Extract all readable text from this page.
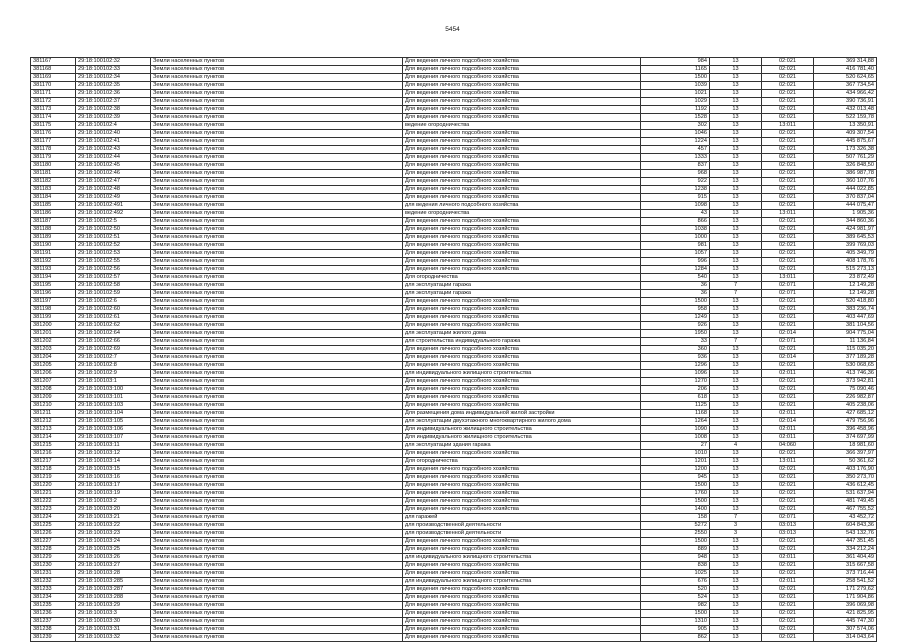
5454
381167	29:18:100102:32	Земли населенных пунктов	Для ведения личного подсобного хозяйства	984	13	02:021	369 314,88
381168	29:18:100102:33	Земли населенных пунктов	Для ведения личного подсобного хозяйства	1165	13	02:021	416 781,40
381169	29:18:100102:34	Земли населенных пунктов	Для ведения личного подсобного хозяйства	1500	13	02:021	520 624,65
381170	29:18:100102:35	Земли населенных пунктов	Для ведения личного подсобного хозяйства	1039	13	02:021	367 734,54
381171	29:18:100102:36	Земли населенных пунктов	Для ведения личного подсобного хозяйства	1021	13	02:021	434 966,42
381172	29:18:100102:37	Земли населенных пунктов	Для ведения личного подсобного хозяйства	1029	13	02:021	390 736,91
381173	29:18:100102:38	Земли населенных пунктов	Для ведения личного подсобного хозяйства	1192	13	02:021	432 013,48
381174	29:18:100102:39	Земли населенных пунктов	Для ведения личного подсобного хозяйства	1528	13	02:021	522 159,78
381175	29:18:100102:4	Земли населенных пунктов	ведение огородничества	302	13	13:011	13 350,91
381176	29:18:100102:40	Земли населенных пунктов	Для ведения личного подсобного хозяйства	1046	13	02:021	409 307,54
381177	29:18:100102:41	Земли населенных пунктов	Для ведения личного подсобного хозяйства	1224	13	02:021	445 875,67
381178	29:18:100102:43	Земли населенных пунктов	Для ведения личного подсобного хозяйства	457	13	02:021	173 326,38
381179	29:18:100102:44	Земли населенных пунктов	Для ведения личного подсобного хозяйства	1333	13	02:021	507 761,29
381180	29:18:100102:45	Земли населенных пунктов	Для ведения личного подсобного хозяйства	837	13	02:021	326 848,50
381181	29:18:100102:46	Земли населенных пунктов	Для ведения личного подсобного хозяйства	968	13	02:021	386 987,78
381182	29:18:100102:47	Земли населенных пунктов	Для ведения личного подсобного хозяйства	922	13	02:021	360 107,76
381183	29:18:100102:48	Земли населенных пунктов	Для ведения личного подсобного хозяйства	1238	13	02:021	444 022,85
381184	29:18:100102:49	Земли населенных пунктов	Для ведения личного подсобного хозяйства	915	13	02:021	370 837,04
381185	29:18:100102:491	Земли населенных пунктов	для ведения личного подсобного хозяйства	1098	13	02:021	444 075,47
381186	29:18:100102:492	Земли населенных пунктов	ведение огородничества	43	13	13:011	1 905,36
381187	29:18:100102:5	Земли населенных пунктов	Для ведения личного подсобного хозяйства	866	13	02:021	344 860,36
381188	29:18:100102:50	Земли населенных пунктов	Для ведения личного подсобного хозяйства	1038	13	02:021	424 981,97
381189	29:18:100102:51	Земли населенных пунктов	Для ведения личного подсобного хозяйства	1000	13	02:021	389 645,53
381190	29:18:100102:52	Земли населенных пунктов	Для ведения личного подсобного хозяйства	981	13	02:021	399 769,03
381191	29:18:100102:53	Земли населенных пунктов	Для ведения личного подсобного хозяйства	1057	13	02:021	405 349,79
381192	29:18:100102:55	Земли населенных пунктов	Для ведения личного подсобного хозяйства	996	13	02:021	408 178,76
381193	29:18:100102:56	Земли населенных пунктов	Для ведения личного подсобного хозяйства	1284	13	02:021	515 273,13
381194	29:18:100102:57	Земли населенных пунктов	Для огородничества	540	13	13:011	23 872,49
381195	29:18:100102:58	Земли населенных пунктов	для эксплуатации гаража	36	7	02:071	12 149,28
381196	29:18:100102:59	Земли населенных пунктов	для эксплуатации гаража	36	7	02:071	12 149,28
381197	29:18:100102:6	Земли населенных пунктов	Для ведения личного подсобного хозяйства	1500	13	02:021	520 418,80
381198	29:18:100102:60	Земли населенных пунктов	Для ведения личного подсобного хозяйства	958	13	02:021	383 236,74
381199	29:18:100102:61	Земли населенных пунктов	Для ведения личного подсобного хозяйства	1249	13	02:021	403 447,69
381200	29:18:100102:62	Земли населенных пунктов	Для ведения личного подсобного хозяйства	926	13	02:021	381 104,56
381201	29:18:100102:64	Земли населенных пунктов	для эксплуатации жилого дома	1950	13	02:014	904 775,04
381202	29:18:100102:66	Земли населенных пунктов	для строительства индивидуального гаража	33	7	02:071	11 136,84
381203	29:18:100102:69	Земли населенных пунктов	Для ведения личного подсобного хозяйства	360	13	02:021	115 035,20
381204	29:18:100102:7	Земли населенных пунктов	Для ведения личного подсобного хозяйства	936	13	02:014	377 189,28
381205	29:18:100102:8	Земли населенных пунктов	Для ведения личного подсобного хозяйства	1296	13	02:021	530 068,65
381206	29:18:100102:9	Земли населенных пунктов	для индивидуального жилищного строительства	1096	13	02:011	413 746,36
381207	29:18:100103:1	Земли населенных пунктов	Для ведения личного подсобного хозяйства	1270	13	02:021	373 942,81
381208	29:18:100103:100	Земли населенных пунктов	Для ведения личного подсобного хозяйства	206	13	02:021	75 090,46
381209	29:18:100103:101	Земли населенных пунктов	Для ведения личного подсобного хозяйства	618	13	02:021	226 982,87
381210	29:18:100103:103	Земли населенных пунктов	Для ведения личного подсобного хозяйства	1125	13	02:021	405 238,06
381211	29:18:100103:104	Земли населенных пунктов	Для размещения дома индивидуальной жилой застройки	1168	13	02:011	427 685,12
381212	29:18:100103:105	Земли населенных пунктов	для эксплуатации двухэтажного многоквартирного жилого дома	1264	13	02:014	479 756,96
381213	29:18:100103:106	Земли населенных пунктов	Для индивидуального жилищного строительства	1090	13	02:011	396 458,96
381214	29:18:100103:107	Земли населенных пунктов	Для индивидуального жилищного строительства	1008	13	02:011	374 697,99
381215	29:18:100103:11	Земли населенных пунктов	для эксплуатации здания гаража	27	4	04:060	18 981,60
381216	29:18:100103:12	Земли населенных пунктов	Для ведения личного подсобного хозяйства	1010	13	02:021	366 397,97
381217	29:18:100103:14	Земли населенных пунктов	Для огородничества	1201	13	13:011	50 361,62
381218	29:18:100103:15	Земли населенных пунктов	Для ведения личного подсобного хозяйства	1200	13	02:021	403 176,90
381219	29:18:100103:16	Земли населенных пунктов	Для ведения личного подсобного хозяйства	945	13	02:021	350 273,70
381220	29:18:100103:17	Земли населенных пунктов	Для ведения личного подсобного хозяйства	1500	13	02:021	436 612,45
381221	29:18:100103:19	Земли населенных пунктов	Для ведения личного подсобного хозяйства	1760	13	02:021	531 637,94
381222	29:18:100103:2	Земли населенных пунктов	Для ведения личного подсобного хозяйства	1500	13	02:021	481 749,45
381223	29:18:100103:20	Земли населенных пунктов	Для ведения личного подсобного хозяйства	1400	13	02:021	467 755,52
381224	29:18:100103:21	Земли населенных пунктов	для гаражей	158	7	02:071	43 452,72
381225	29:18:100103:22	Земли населенных пунктов	для производственной деятельности	5272	3	03:013	604 843,36
381226	29:18:100103:23	Земли населенных пунктов	для производственной деятельности	2550	3	03:013	543 132,76
381227	29:18:100103:24	Земли населенных пунктов	Для ведения личного подсобного хозяйства	1500	13	02:021	447 351,45
381228	29:18:100103:25	Земли населенных пунктов	Для ведения личного подсобного хозяйства	889	13	02:021	334 212,24
381229	29:18:100103:26	Земли населенных пунктов	для индивидуального жилищного строительства	948	13	02:011	361 404,49
381230	29:18:100103:27	Земли населенных пунктов	Для ведения личного подсобного хозяйства	838	13	02:021	315 667,58
381231	29:18:100103:28	Земли населенных пунктов	Для ведения личного подсобного хозяйства	1025	13	02:021	373 716,44
381232	29:18:100103:285	Земли населенных пунктов	для индивидуального жилищного строительства	676	13	02:011	258 541,52
381233	29:18:100103:287	Земли населенных пунктов	Для ведения личного подсобного хозяйства	520	13	02:021	171 279,62
381234	29:18:100103:288	Земли населенных пунктов	Для ведения личного подсобного хозяйства	524	13	02:021	171 904,86
381235	29:18:100103:29	Земли населенных пунктов	Для ведения личного подсобного хозяйства	982	13	02:021	396 069,98
381236	29:18:100103:3	Земли населенных пунктов	Для ведения личного подсобного хозяйства	1500	13	02:021	421 825,95
381237	29:18:100103:30	Земли населенных пунктов	Для ведения личного подсобного хозяйства	1310	13	02:021	445 747,30
381238	29:18:100103:31	Земли населенных пунктов	Для ведения личного подсобного хозяйства	905	13	02:021	307 574,06
381239	29:18:100103:32	Земли населенных пунктов	Для ведения личного подсобного хозяйства	862	13	02:021	314 043,64
